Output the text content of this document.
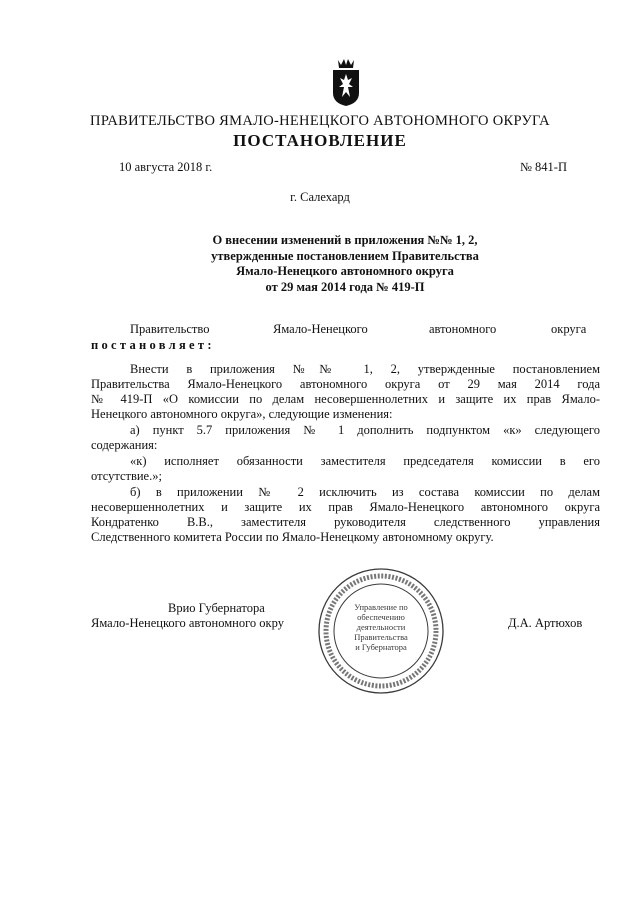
ПРАВИТЕЛЬСТВО ЯМАЛО-НЕНЕЦКОГО АВТОНОМНОГО ОКРУГА
ПОСТАНОВЛЕНИЕ
10 августа 2018 г.	№ 841-П
г. Салехард
О внесении изменений в приложения №№ 1, 2,
утвержденные постановлением Правительства
Ямало-Ненецкого автономного округа
от 29 мая 2014 года № 419-П
Правительство	Ямало-Ненецкого	автономного	округа
постановляет:
Внести в приложения №№ 1, 2, утвержденные постановлением
Правительства Ямало-Ненецкого автономного округа от 29 мая 2014 года
№ 419-П «О комиссии по делам несовершеннолетних и защите их прав Ямало-
Ненецкого автономного округа», следующие изменения:
а) пункт 5.7 приложения № 1 дополнить подпунктом «к» следующего
содержания:
«к) исполняет обязанности заместителя председателя комиссии в его
отсутствие.»;
б) в приложении № 2 исключить из состава комиссии по делам
несовершеннолетних и защите их прав Ямало-Ненецкого автономного округа
Кондратенко В.В., заместителя руководителя следственного управления
Следственного комитета России по Ямало-Ненецкому автономному округу.
Врио Губернатора
Ямало-Ненецкого автономного окру	Д.А. Артюхов
Управление по
обеспечению
деятельности
Правительства
и Губернатора
